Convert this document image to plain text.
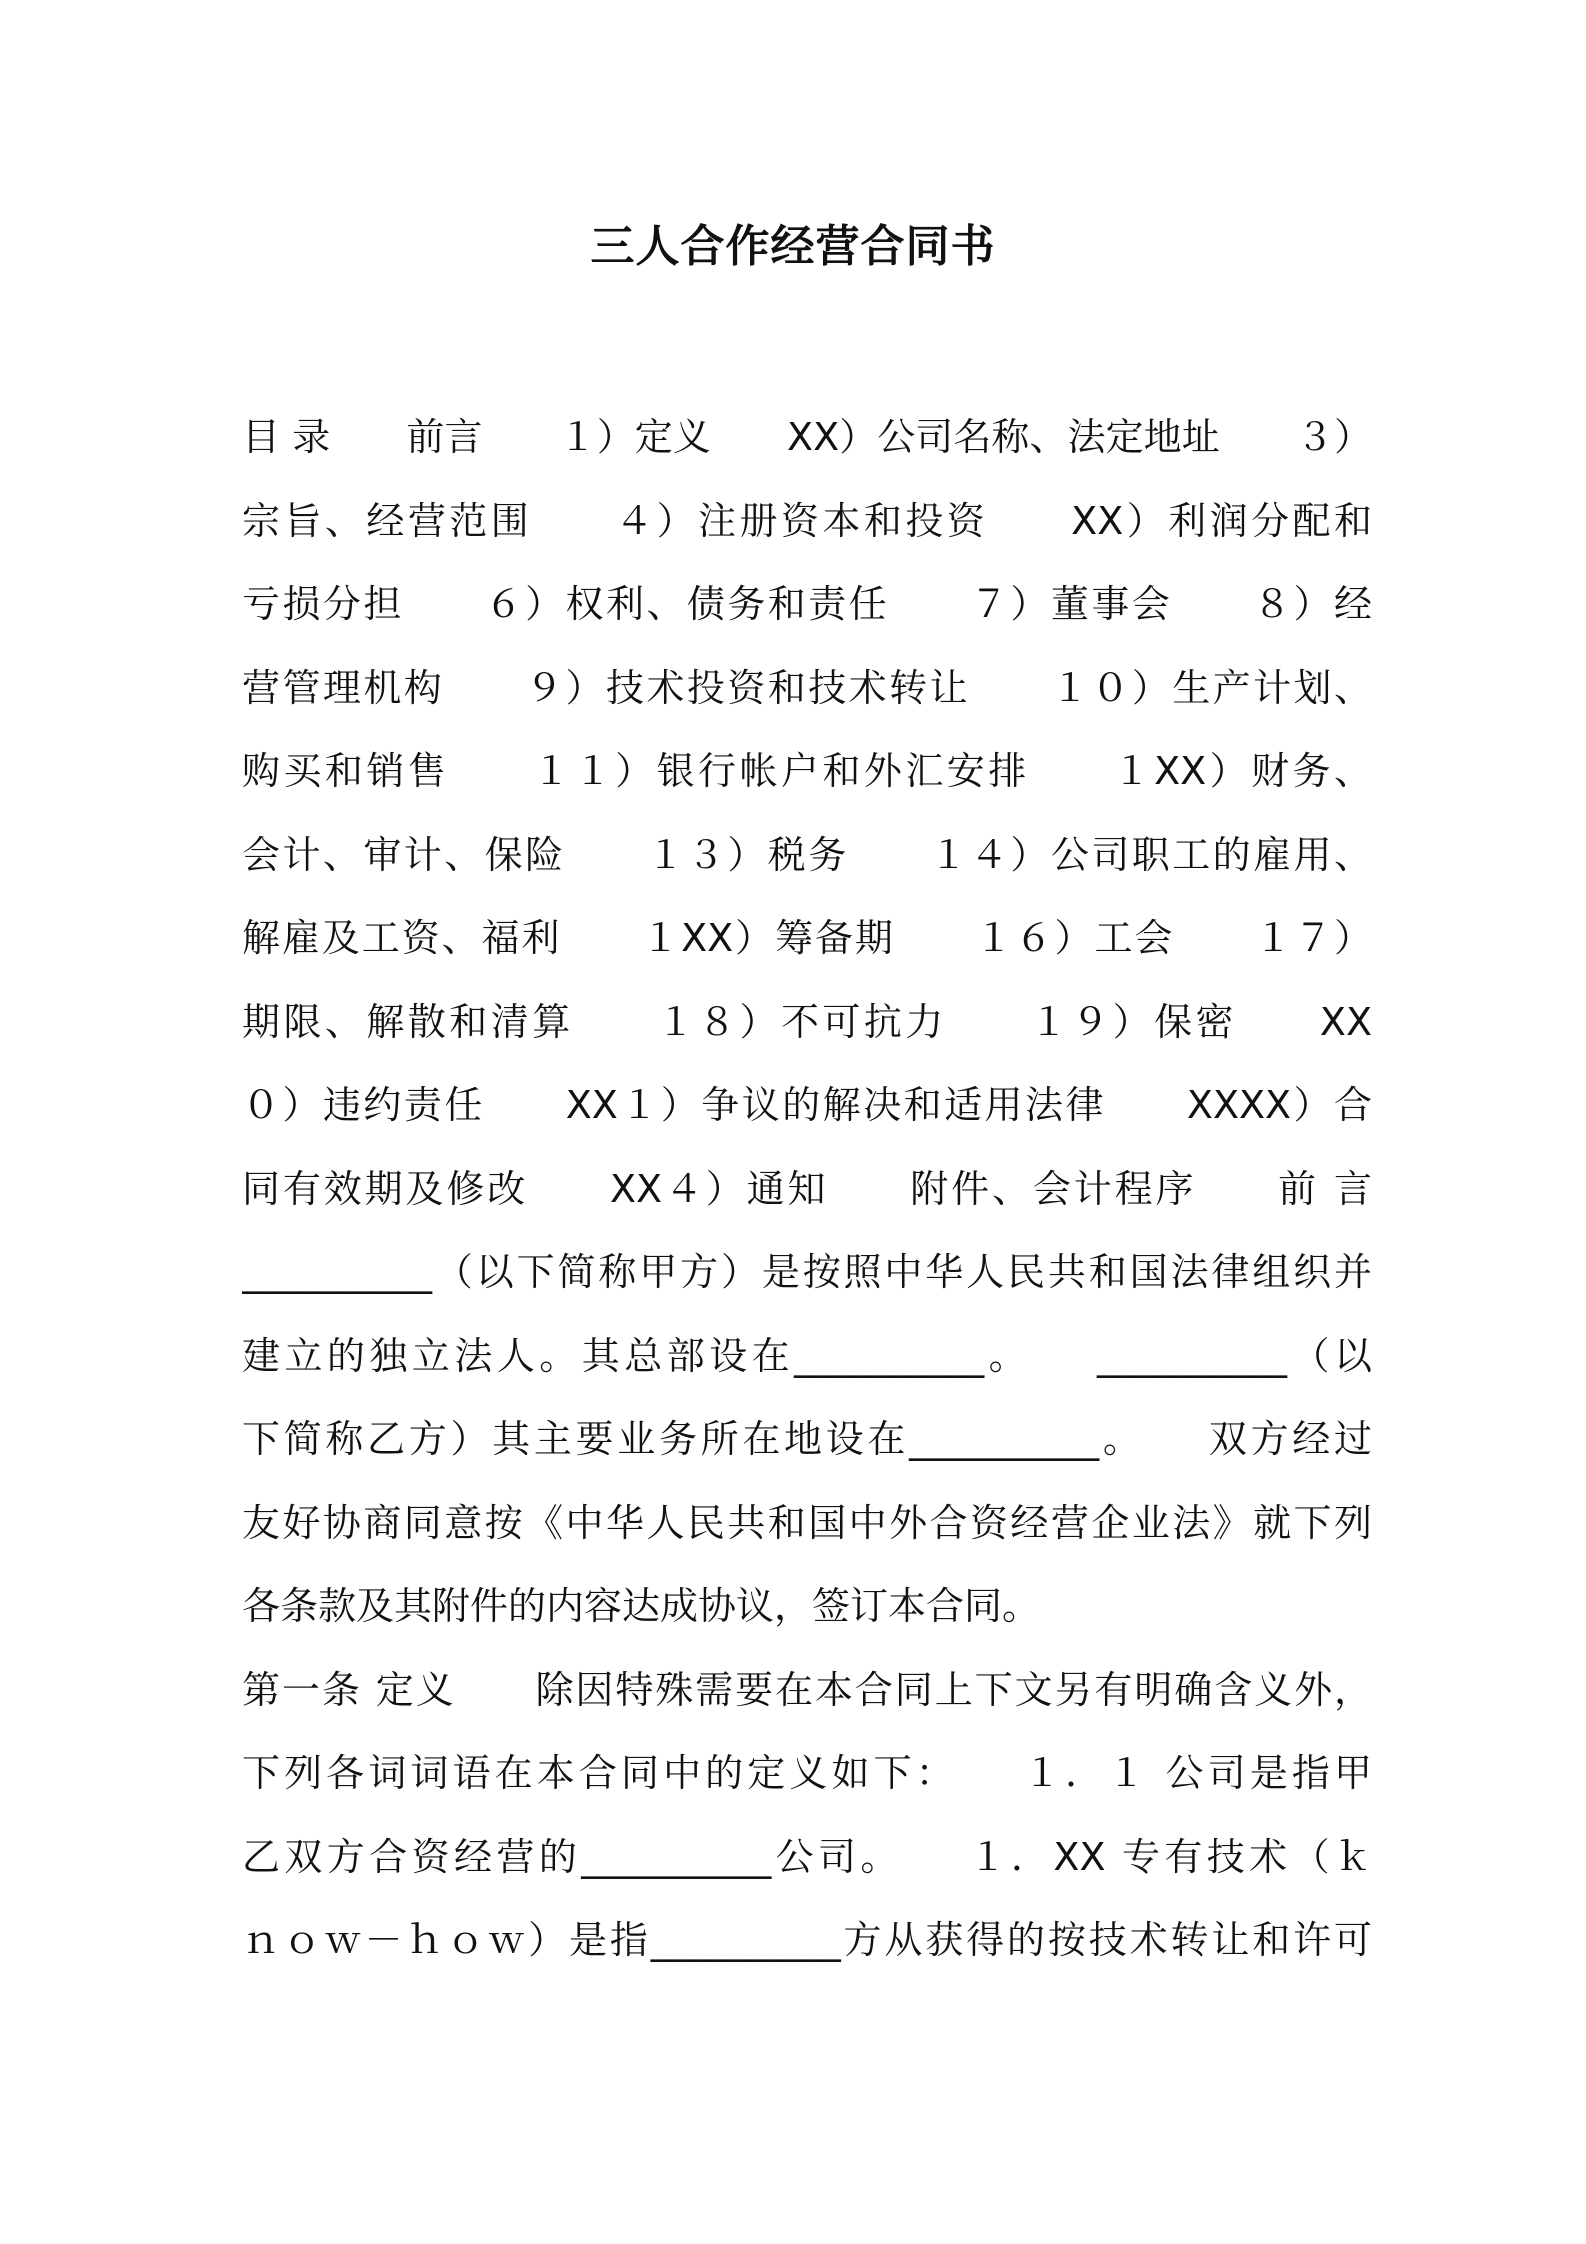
三人合作经营合同书
目 录　　前言　　１）定义　　XX）公司名称、法定地址　　３）
宗旨、经营范围　　４）注册资本和投资　　XX）利润分配和
亏损分担　　６）权利、债务和责任　　７）董事会　　８）经
营管理机构　　９）技术投资和技术转让　　１０）生产计划、
购买和销售　　１１）银行帐户和外汇安排　　１XX）财务、
会计、审计、保险　　１３）税务　　１４）公司职工的雇用、
解雇及工资、福利　　１XX）筹备期　　１６）工会　　１７）
期限、解散和清算　　１８）不可抗力　　１９）保密　　XX
０）违约责任　　XX１）争议的解决和适用法律　　XXXX）合
同有效期及修改　　XX４）通知　　附件、会计程序　　前 言
__________（以下简称甲方）是按照中华人民共和国法律组织并
建立的独立法人。其总部设在__________。　　__________（以
下简称乙方）其主要业务所在地设在__________。　　双方经过
友好协商同意按《中华人民共和国中外合资经营企业法》就下列
各条款及其附件的内容达成协议，签订本合同。
第一条 定义　　除因特殊需要在本合同上下文另有明确含义外，
下列各词词语在本合同中的定义如下：　　１．１ 公司是指甲
乙双方合资经营的__________公司。　　１．XX 专有技术（ｋ
ｎｏｗ－ｈｏｗ）是指__________方从获得的按技术转让和许可
